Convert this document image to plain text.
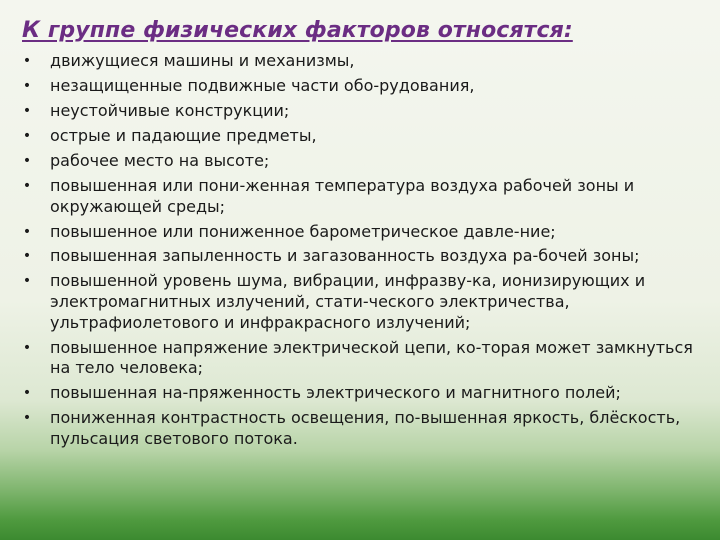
К группе физических факторов относятся:
• движущиеся машины и механизмы,
• незащищенные подвижные части обо-рудования,
• неустойчивые конструкции;
• острые и падающие предметы,
• рабочее место на высоте;
• повышенная или пони-женная температура воздуха рабочей зоны и окружающей среды;
• повышенное или пониженное барометрическое давле-ние;
• повышенная запыленность и загазованность воздуха ра-бочей зоны;
• повышенной уровень шума, вибрации, инфразву-ка, ионизирующих и электромагнитных излучений, стати-ческого электричества, ультрафиолетового и инфракрасного излучений;
• повышенное напряжение электрической цепи, ко-торая может замкнуться на тело человека;
• повышенная на-пряженность электрического и магнитного полей;
• пониженная контрастность освещения, по-вышенная яркость, блёскость, пульсация светового потока.
